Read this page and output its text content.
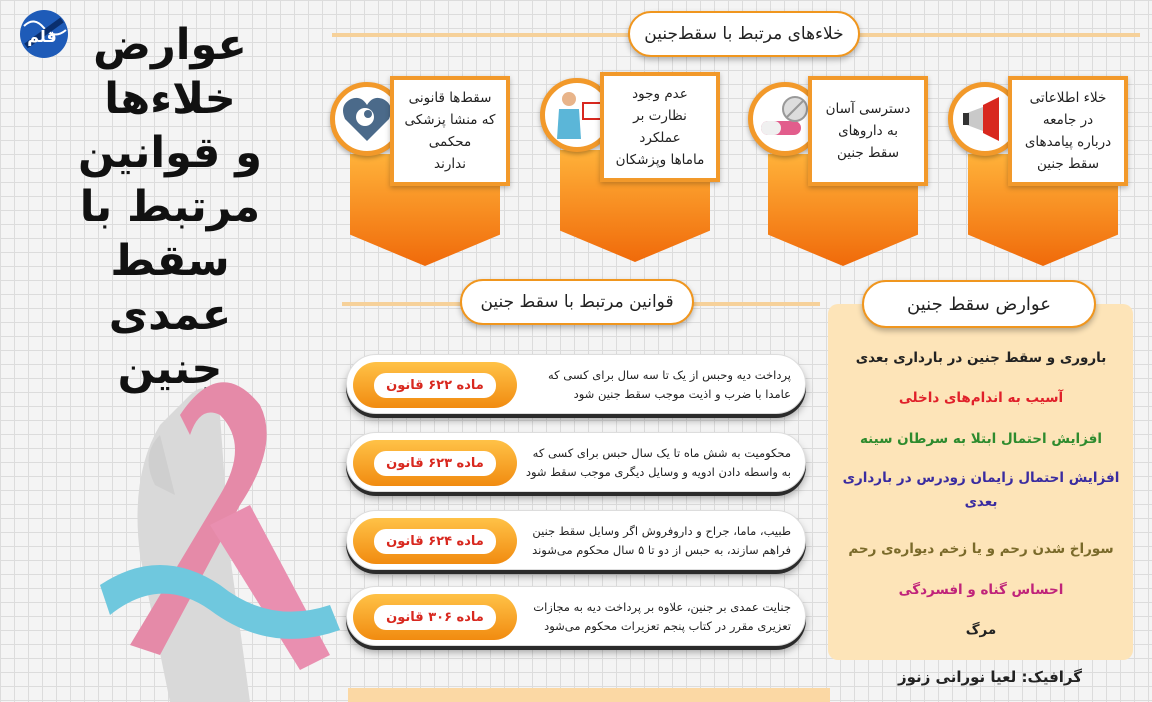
قلم عوارض
خلاءها
و قوانین
مرتبط با
سقط
عمدی جنین
خلاءهای مرتبط با سقط‌جنین
خلاء اطلاعاتی
در جامعه
درباره پیامدهای
سقط جنین
دسترسی آسان
به داروهای
سقط جنین
عدم وجود
نظارت بر
عملکرد
ماماها وپزشکان
سقط‌ها قانونی
که منشا پزشکی
محکمی
ندارند
قوانین مرتبط با سقط جنین
ماده ۶۲۲ قانون
پرداخت دیه وحبس از یک تا سه سال برای کسی که
عامدا با ضرب و اذیت موجب سقط جنین شود
ماده ۶۲۳ قانون
محکومیت به شش ماه تا یک سال حبس برای کسی که
به واسطه دادن ادویه و وسایل دیگری موجب سقط شود
ماده ۶۲۴ قانون
طبیب، ماما، جراح و داروفروش اگر وسایل سقط جنین
فراهم سازند، به حبس از دو تا ۵ سال محکوم می‌شوند
ماده ۳۰۶ قانون
جنایت عمدی بر جنین، علاوه بر پرداخت دیه به مجازات
تعزیری مقرر در کتاب پنجم تعزیرات محکوم می‌شود
عوارض سقط جنین
باروری و سقط جنین در بارداری بعدی
آسیب به اندام‌های داخلی
افزایش احتمال ابتلا به سرطان سینه
افزایش احتمال زایمان زودرس در بارداری بعدی
سوراخ شدن رحم و یا زخم دیواره‌ی رحم
احساس گناه و افسردگی
مرگ
گرافیک: لعیا نورانی زنوز
